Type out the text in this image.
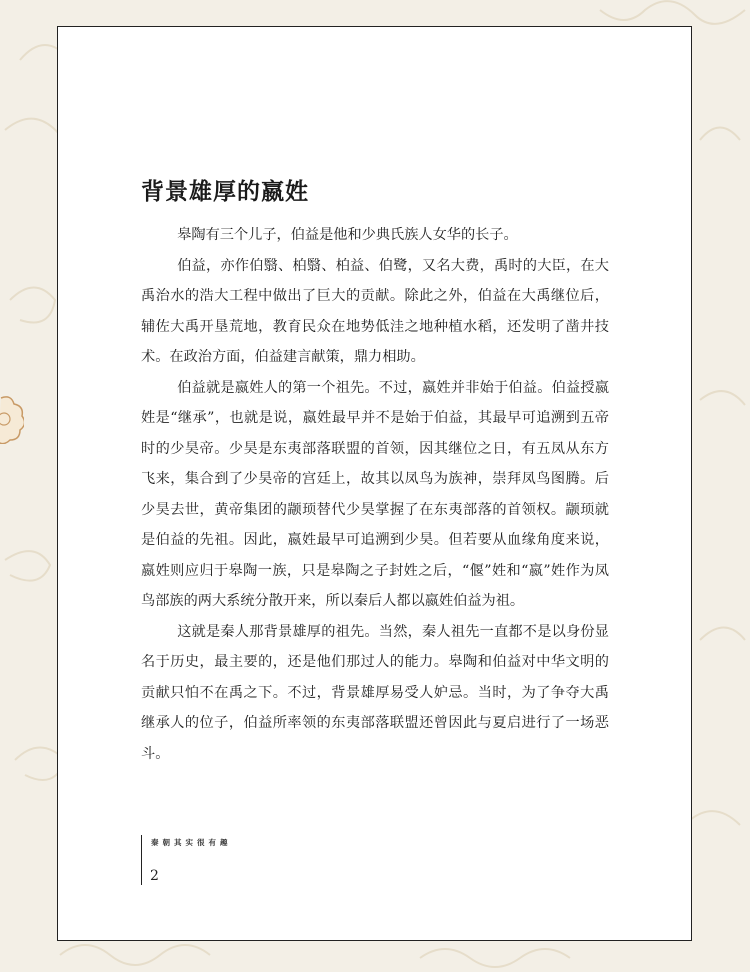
背景雄厚的嬴姓

皋陶有三个儿子，伯益是他和少典氏族人女华的长子。

伯益，亦作伯翳、柏翳、柏益、伯鹭，又名大费，禹时的大臣，在大禹治水的浩大工程中做出了巨大的贡献。除此之外，伯益在大禹继位后，辅佐大禹开垦荒地，教育民众在地势低洼之地种植水稻，还发明了凿井技术。在政治方面，伯益建言献策，鼎力相助。

伯益就是嬴姓人的第一个祖先。不过，嬴姓并非始于伯益。伯益授嬴姓是“继承”，也就是说，嬴姓最早并不是始于伯益，其最早可追溯到五帝时的少昊帝。少昊是东夷部落联盟的首领，因其继位之日，有五凤从东方飞来，集合到了少昊帝的宫廷上，故其以凤鸟为族神，崇拜凤鸟图腾。后少昊去世，黄帝集团的颛顼替代少昊掌握了在东夷部落的首领权。颛顼就是伯益的先祖。因此，嬴姓最早可追溯到少昊。但若要从血缘角度来说，嬴姓则应归于皋陶一族，只是皋陶之子封姓之后，“偃”姓和“嬴”姓作为凤鸟部族的两大系统分散开来，所以秦后人都以嬴姓伯益为祖。

这就是秦人那背景雄厚的祖先。当然，秦人祖先一直都不是以身份显名于历史，最主要的，还是他们那过人的能力。皋陶和伯益对中华文明的贡献只怕不在禹之下。不过，背景雄厚易受人妒忌。当时，为了争夺大禹继承人的位子，伯益所率领的东夷部落联盟还曾因此与夏启进行了一场恶斗。

秦朝其实很有趣
2
